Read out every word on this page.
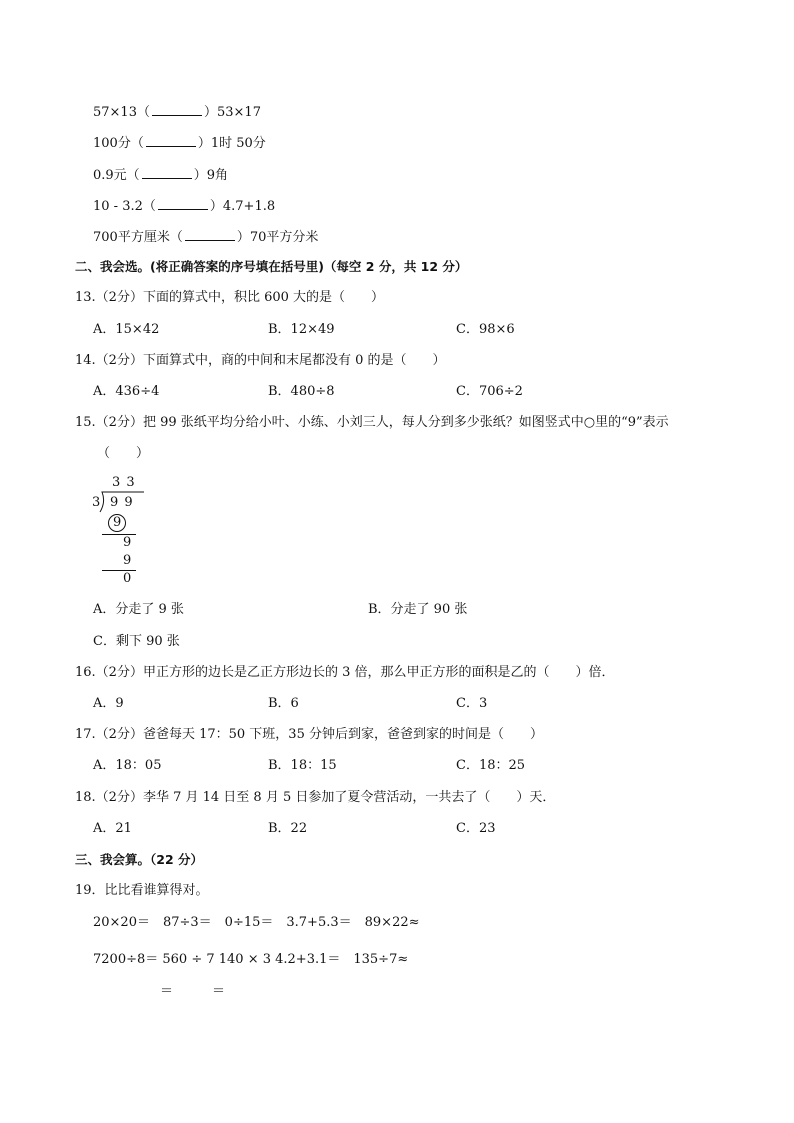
57×13（	）53×17
100分（	）1时 50分
0.9元（	）9角
10 - 3.2（	）4.7+1.8
700平方厘米（	）70平方分米
二、我会选。(将正确答案的序号填在括号里)（每空 2 分，共 12 分）
13.（2分）下面的算式中，积比 600 大的是（　　）
A．15×42	B．12×49	C．98×6
14.（2分）下面算式中，商的中间和末尾都没有 0 的是（　　）
A．436÷4	B．480÷8	C．706÷2
15.（2分）把 99 张纸平均分给小叶、小练、小刘三人，每人分到多少张纸？如图竖式中○里的“9”表示
（　　）
3 3
3 9 9
9
9
9
0
A．分走了 9 张	B．分走了 90 张
C．剩下 90 张
16.（2分）甲正方形的边长是乙正方形边长的 3 倍，那么甲正方形的面积是乙的（　　）倍．
A．9	B．6	C．3
17.（2分）爸爸每天 17：50 下班，35 分钟后到家，爸爸到家的时间是（　　）
A．18：05	B．18：15	C．18：25
18.（2分）李华 7 月 14 日至 8 月 5 日参加了夏令营活动，一共去了（　　）天．
A．21	B．22	C．23
三、我会算。（22 分）
19．比比看谁算得对。
20×20＝　87÷3＝　0÷15＝　3.7+5.3＝　89×22≈
7200÷8＝ 560 ÷ 7 140 × 3 4.2+3.1＝　135÷7≈
＝　　　＝
